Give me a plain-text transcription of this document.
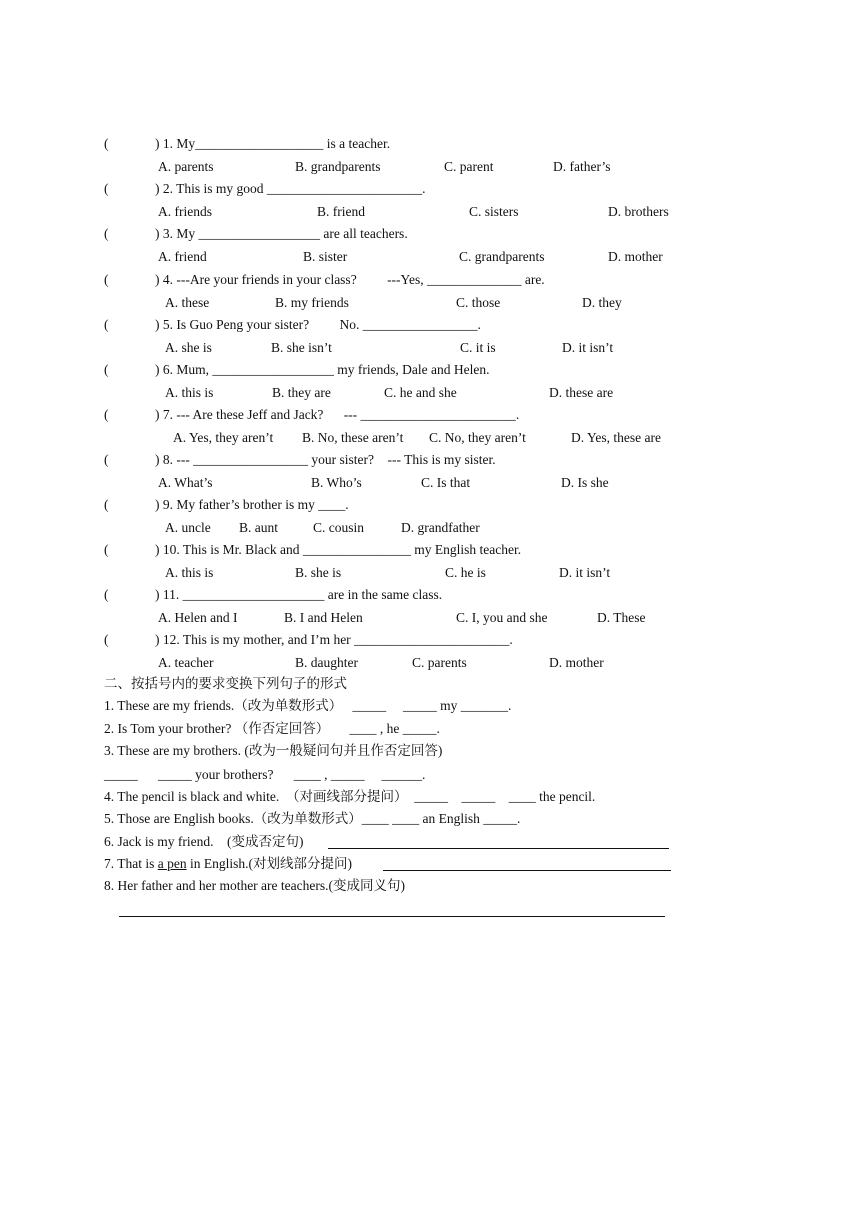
二、按括号内的要求变换下列句子的形式
1. These are my friends.（改为单数形式）   _____     _____ my _______.
2. Is Tom your brother? （作否定回答）      ____ , he _____.
3. These are my brothers. (改为一般疑问句并且作否定回答)
_____      _____ your brothers?      ____ , _____     ______.
4. The pencil is black and white.  （对画线部分提问）  _____    _____    ____ the pencil.
5. Those are English books.（改为单数形式）____ ____ an English _____.
6. Jack is my friend.    (变成否定句)
7. That is a pen in English.(对划线部分提问)
8. Her father and her mother are teachers.(变成同义句)
(	) 1. My___________________ is a teacher.
A. parents	B. grandparents	C. parent	D. father’s
(	) 2. This is my good _______________________.
A. friends	B. friend	C. sisters	D. brothers
(	) 3. My __________________ are all teachers.
A. friend	B. sister	C. grandparents	D. mother
(	) 4. ---Are your friends in your class?         ---Yes, ______________ are.
A. these	B. my friends	C. those	D. they
(	) 5. Is Guo Peng your sister?         No. _________________.
A. she is	B. she isn’t	C. it is	D. it isn’t
(	) 6. Mum, __________________ my friends, Dale and Helen.
A. this is	B. they are	C. he and she	D. these are
(	) 7. --- Are these Jeff and Jack?      --- _______________________.
A. Yes, they aren’t B. No, these aren’t C. No, they aren’t	D. Yes, these are
(	) 8. --- _________________ your sister?    --- This is my sister.
A. What’s	B. Who’s	C. Is that	D. Is she
(	) 9. My father’s brother is my ____.
A. uncle B. aunt	C. cousin	D. grandfather
(	) 10. This is Mr. Black and ________________ my English teacher.
A. this is	B. she is	C. he is	D. it isn’t
(	) 11. _____________________ are in the same class.
A. Helen and I	B. I and Helen	C. I, you and she	D. These
(	) 12. This is my mother, and I’m her _______________________.
A. teacher	B. daughter	C. parents	D. mother
